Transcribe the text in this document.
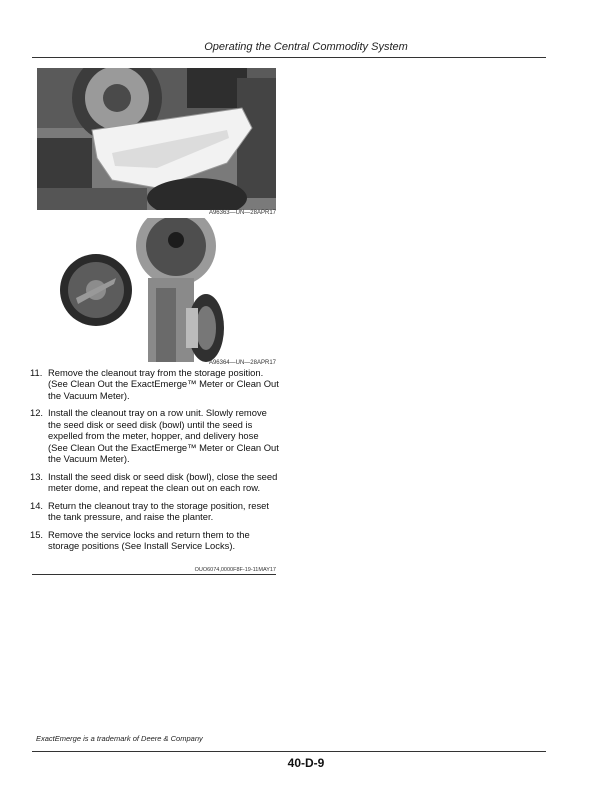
Operating the Central Commodity System
A96363—UN—28APR17
A96364—UN—28APR17
11. Remove the cleanout tray from the storage position. (See Clean Out the ExactEmerge™ Meter or Clean Out the Vacuum Meter).
12. Install the cleanout tray on a row unit. Slowly remove the seed disk or seed disk (bowl) until the seed is expelled from the meter, hopper, and delivery hose (See Clean Out the ExactEmerge™ Meter or Clean Out the Vacuum Meter).
13. Install the seed disk or seed disk (bowl), close the seed meter dome, and repeat the clean out on each row.
14. Return the cleanout tray to the storage position, reset the tank pressure, and raise the planter.
15. Remove the service locks and return them to the storage positions (See Install Service Locks).
OUO6074,0000F8F-19-11MAY17
ExactEmerge is a trademark of Deere & Company
40-D-9
